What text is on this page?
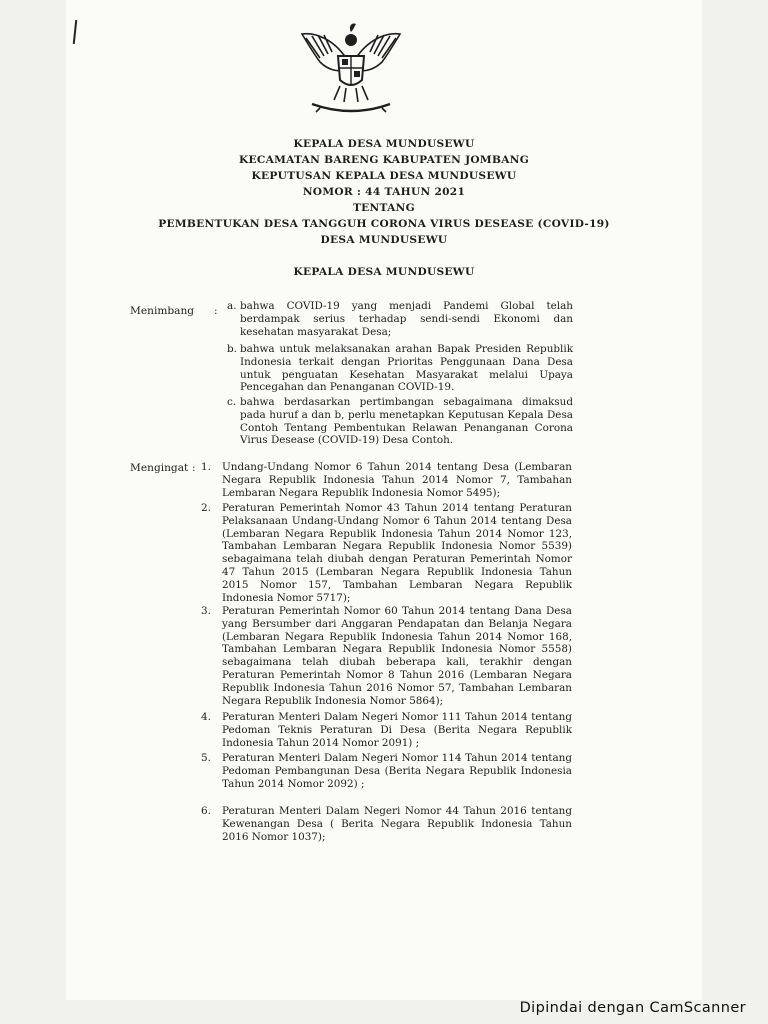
KEPALA DESA MUNDUSEWU
KECAMATAN BARENG KABUPATEN JOMBANG
KEPUTUSAN KEPALA DESA MUNDUSEWU
NOMOR : 44 TAHUN 2021
TENTANG
PEMBENTUKAN DESA TANGGUH CORONA VIRUS DESEASE (COVID-19)
DESA MUNDUSEWU
KEPALA DESA MUNDUSEWU
Menimbang : a. bahwa COVID-19 yang menjadi Pandemi Global telah berdampak serius terhadap sendi-sendi Ekonomi dan kesehatan masyarakat Desa;
b. bahwa untuk melaksanakan arahan Bapak Presiden Republik Indonesia terkait dengan Prioritas Penggunaan Dana Desa untuk penguatan Kesehatan Masyarakat melalui Upaya Pencegahan dan Penanganan COVID-19.
c. bahwa berdasarkan pertimbangan sebagaimana dimaksud pada huruf a dan b, perlu menetapkan Keputusan Kepala Desa Contoh Tentang Pembentukan Relawan Penanganan Corona Virus Desease (COVID-19) Desa Contoh.
Mengingat : 1. Undang-Undang Nomor 6 Tahun 2014 tentang Desa (Lembaran Negara Republik Indonesia Tahun 2014 Nomor 7, Tambahan Lembaran Negara Republik Indonesia Nomor 5495);
2. Peraturan Pemerintah Nomor 43 Tahun 2014 tentang Peraturan Pelaksanaan Undang-Undang Nomor 6 Tahun 2014 tentang Desa (Lembaran Negara Republik Indonesia Tahun 2014 Nomor 123, Tambahan Lembaran Negara Republik Indonesia Nomor 5539) sebagaimana telah diubah dengan Peraturan Pemerintah Nomor 47 Tahun 2015 (Lembaran Negara Republik Indonesia Tahun 2015 Nomor 157, Tambahan Lembaran Negara Republik Indonesia Nomor 5717);
3. Peraturan Pemerintah Nomor 60 Tahun 2014 tentang Dana Desa yang Bersumber dari Anggaran Pendapatan dan Belanja Negara (Lembaran Negara Republik Indonesia Tahun 2014 Nomor 168, Tambahan Lembaran Negara Republik Indonesia Nomor 5558) sebagaimana telah diubah beberapa kali, terakhir dengan Peraturan Pemerintah Nomor 8 Tahun 2016 (Lembaran Negara Republik Indonesia Tahun 2016 Nomor 57, Tambahan Lembaran Negara Republik Indonesia Nomor 5864);
4. Peraturan Menteri Dalam Negeri Nomor 111 Tahun 2014 tentang Pedoman Teknis Peraturan Di Desa (Berita Negara Republik Indonesia Tahun 2014 Nomor 2091) ;
5. Peraturan Menteri Dalam Negeri Nomor 114 Tahun 2014 tentang Pedoman Pembangunan Desa (Berita Negara Republik Indonesia Tahun 2014 Nomor 2092) ;
6. Peraturan Menteri Dalam Negeri Nomor 44 Tahun 2016 tentang Kewenangan Desa ( Berita Negara Republik Indonesia Tahun 2016 Nomor 1037);
Dipindai dengan CamScanner
